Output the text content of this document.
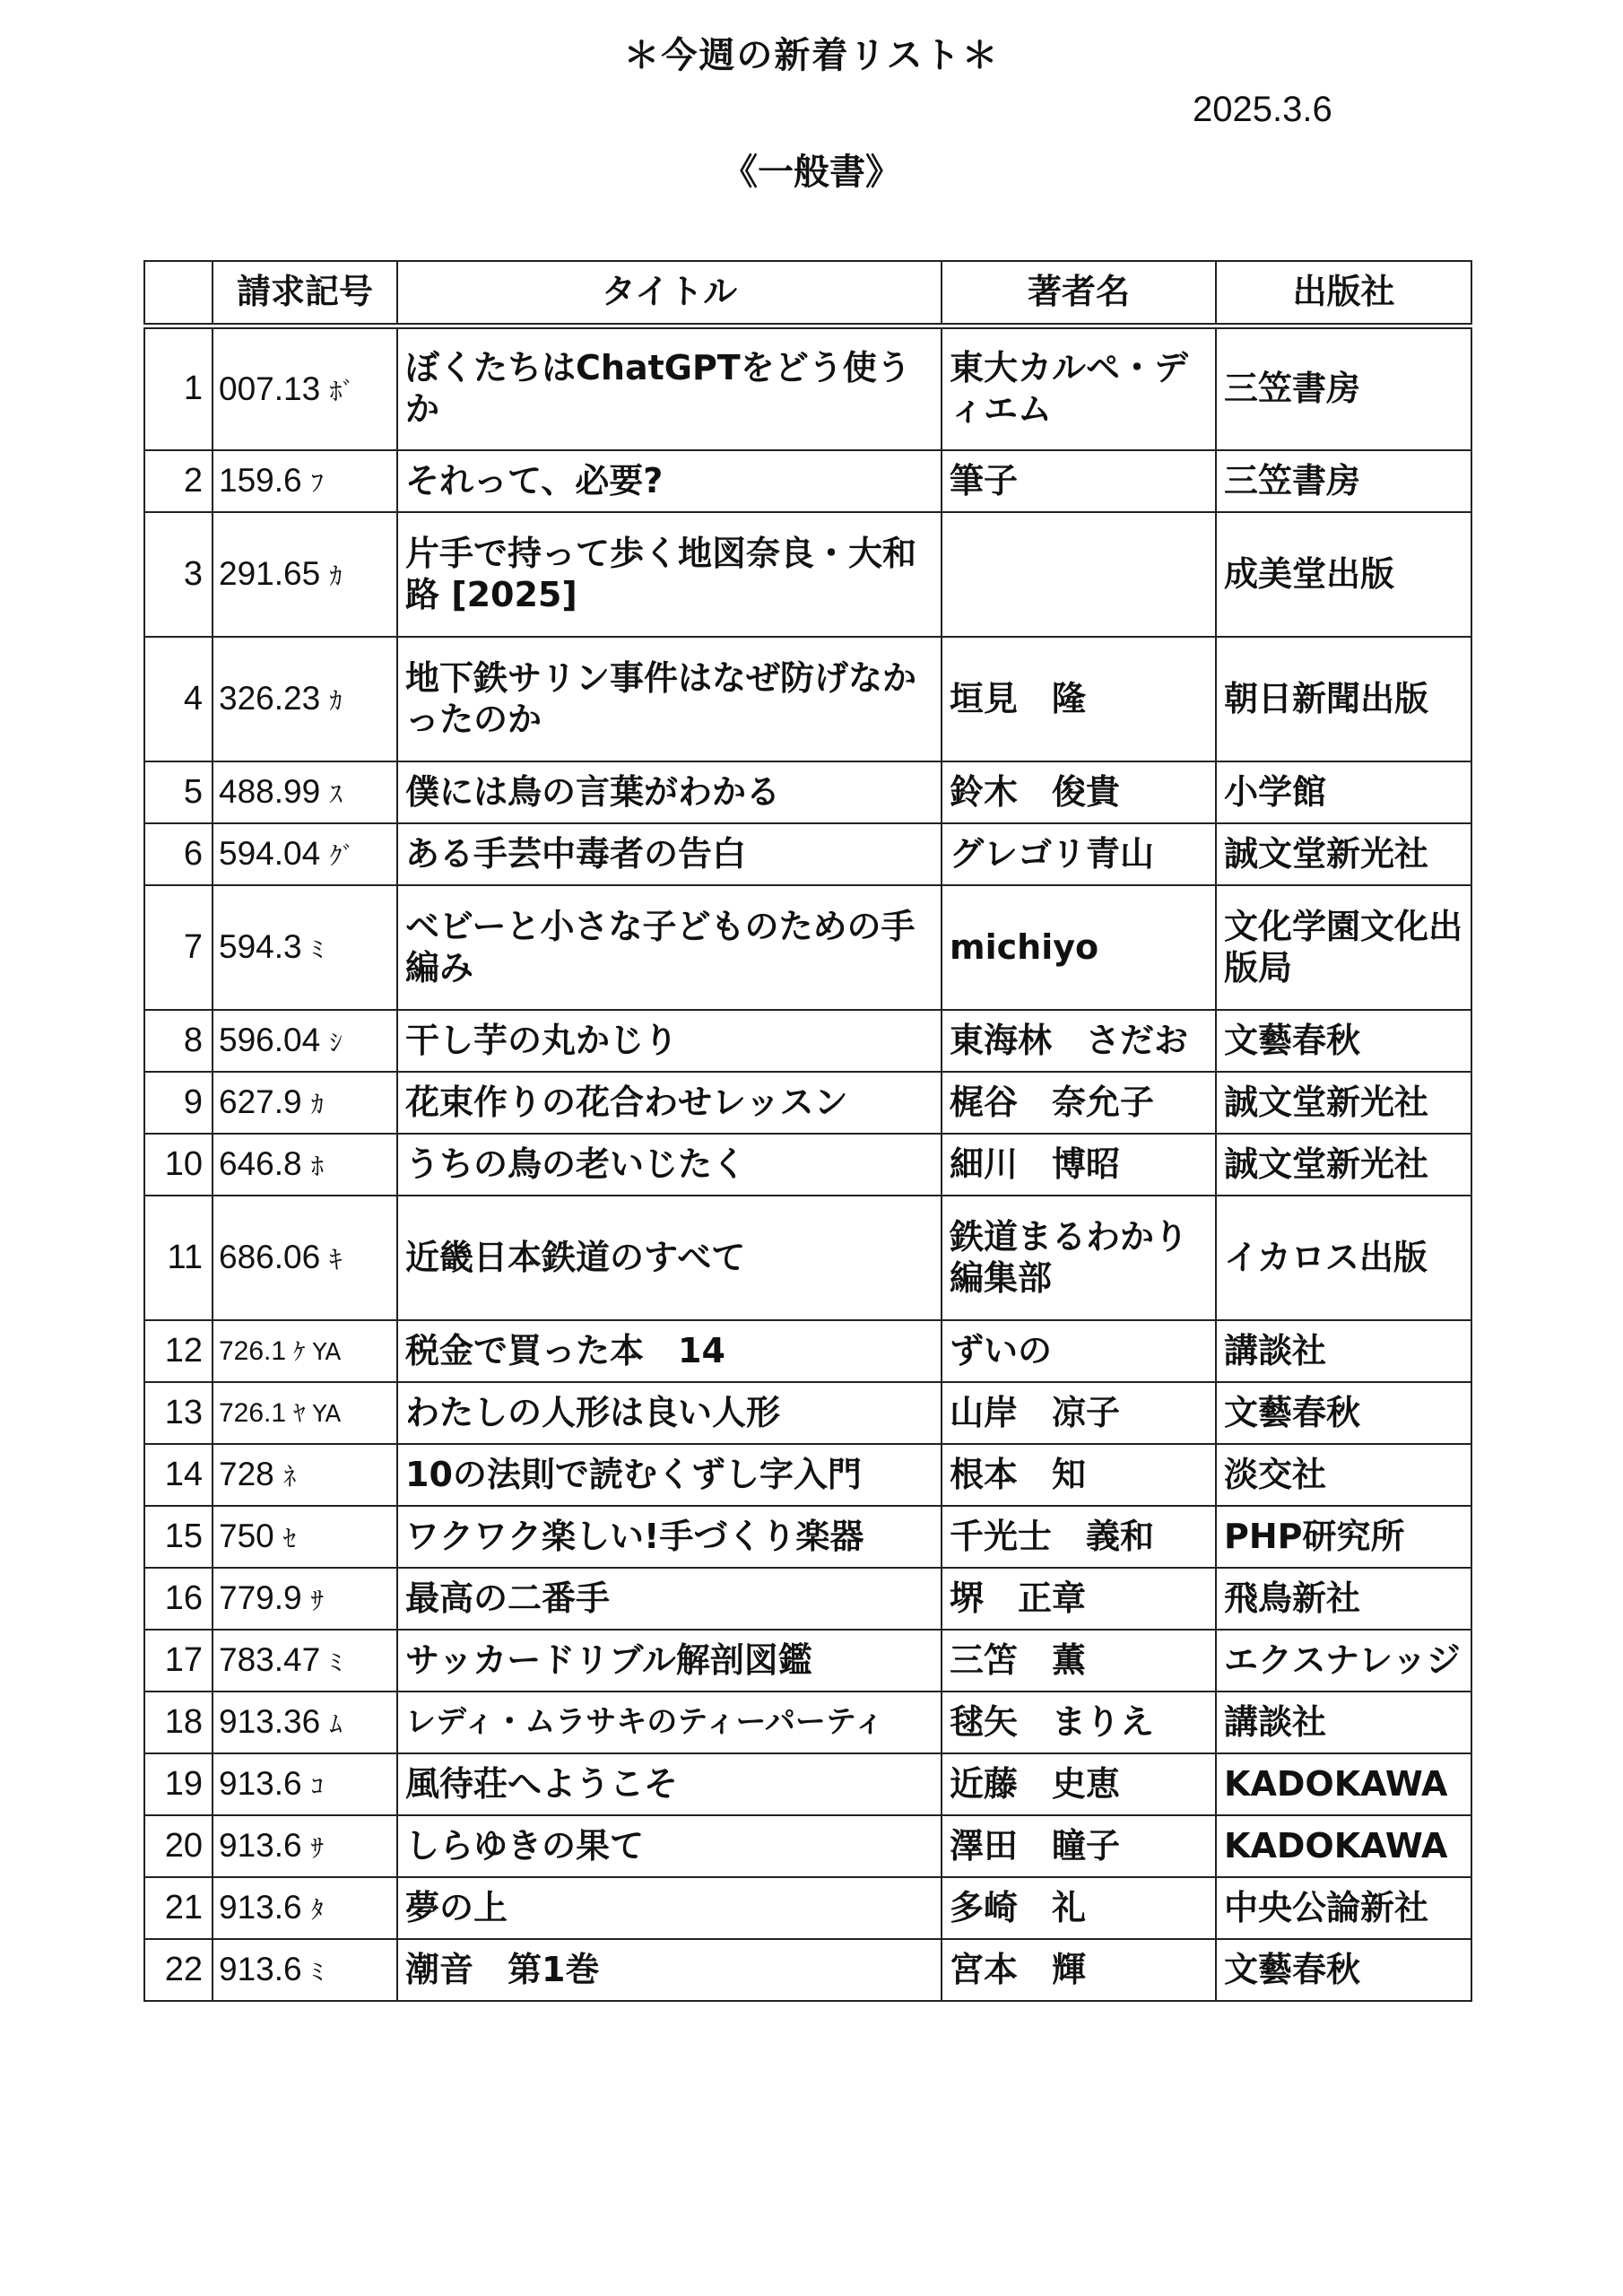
＊今週の新着リスト＊
2025.3.6
《一般書》
	請求記号	タイトル	著者名	出版社
1	007.13 ﾎﾞ	ぼくたちはChatGPTをどう使うか	東大カルペ・ディエム	三笠書房
2	159.6 ﾌ	それって、必要?	筆子	三笠書房
3	291.65 ｶ	片手で持って歩く地図奈良・大和路 [2025]		成美堂出版
4	326.23 ｶ	地下鉄サリン事件はなぜ防げなかったのか	垣見　隆	朝日新聞出版
5	488.99 ｽ	僕には鳥の言葉がわかる	鈴木　俊貴	小学館
6	594.04 ｸﾞ	ある手芸中毒者の告白	グレゴリ青山	誠文堂新光社
7	594.3 ﾐ	ベビーと小さな子どものための手編み	michiyo	文化学園文化出版局
8	596.04 ｼ	干し芋の丸かじり	東海林　さだお	文藝春秋
9	627.9 ｶ	花束作りの花合わせレッスン	梶谷　奈允子	誠文堂新光社
10	646.8 ﾎ	うちの鳥の老いじたく	細川　博昭	誠文堂新光社
11	686.06 ｷ	近畿日本鉄道のすべて	鉄道まるわかり編集部	イカロス出版
12	726.1 ｹ YA	税金で買った本　14	ずいの	講談社
13	726.1 ﾔ YA	わたしの人形は良い人形	山岸　凉子	文藝春秋
14	728 ﾈ	10の法則で読むくずし字入門	根本　知	淡交社
15	750 ｾ	ワクワク楽しい!手づくり楽器	千光士　義和	PHP研究所
16	779.9 ｻ	最高の二番手	堺　正章	飛鳥新社
17	783.47 ﾐ	サッカードリブル解剖図鑑	三笘　薫	エクスナレッジ
18	913.36 ﾑ	レディ・ムラサキのティーパーティ	毬矢　まりえ	講談社
19	913.6 ｺ	風待荘へようこそ	近藤　史恵	KADOKAWA
20	913.6 ｻ	しらゆきの果て	澤田　瞳子	KADOKAWA
21	913.6 ﾀ	夢の上	多崎　礼	中央公論新社
22	913.6 ﾐ	潮音　第1巻	宮本　輝	文藝春秋
